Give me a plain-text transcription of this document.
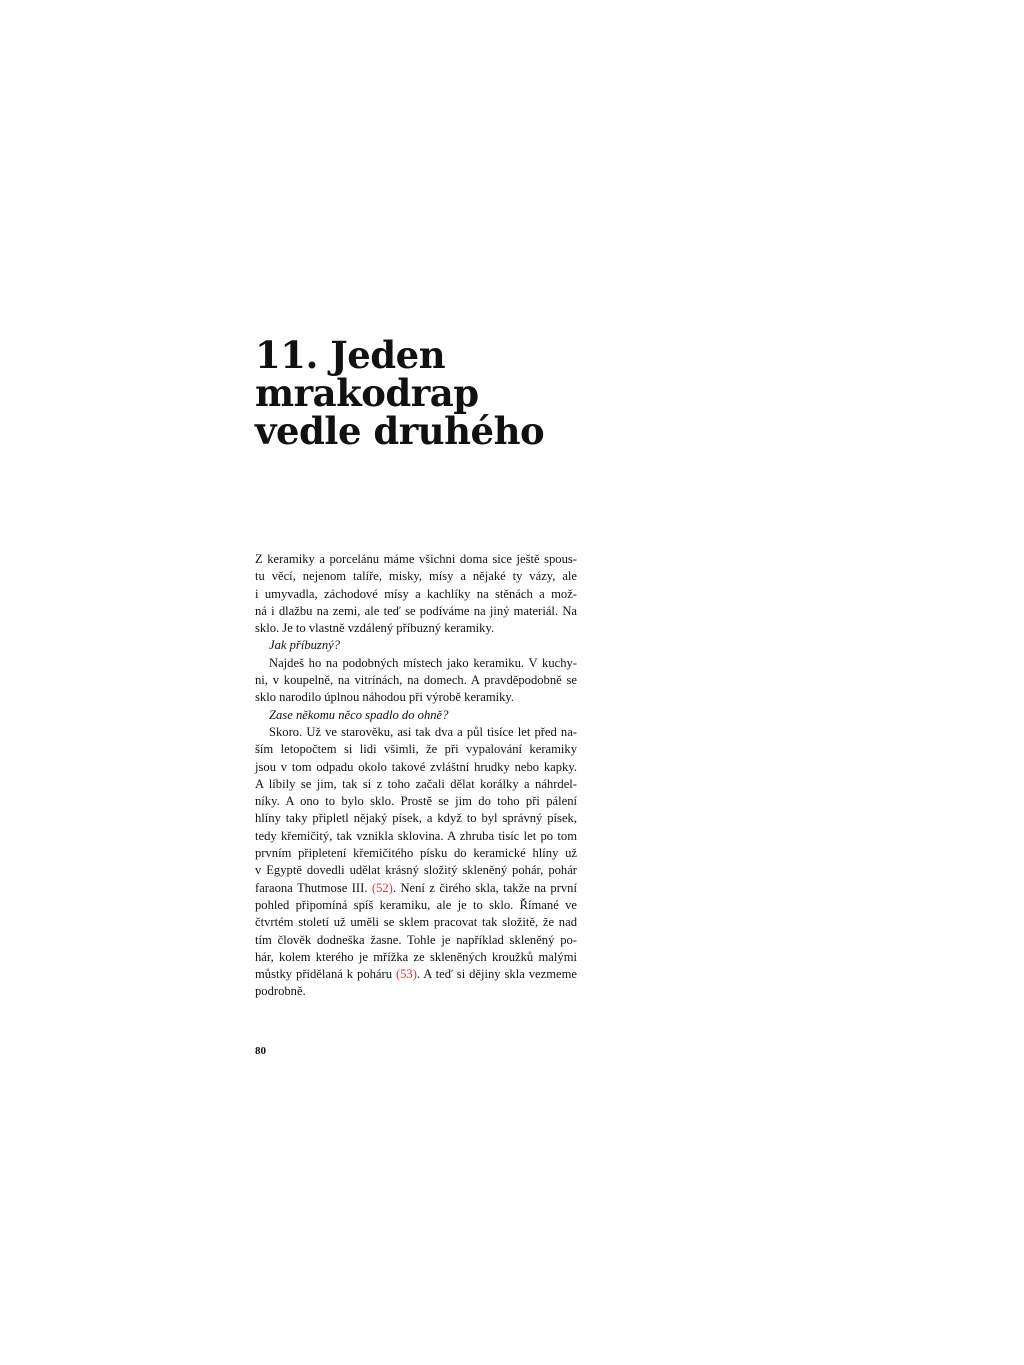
11. Jeden
mrakodrap
vedle druhého
Z keramiky a porcelánu máme všichni doma sice ještě spous-
tu věcí, nejenom talíře, misky, mísy a nějaké ty vázy, ale
i umyvadla, záchodové mísy a kachlíky na stěnách a mož-
ná i dlažbu na zemi, ale teď se podíváme na jiný materiál. Na
sklo. Je to vlastně vzdálený příbuzný keramiky.
Jak příbuzný?
Najdeš ho na podobných místech jako keramiku. V kuchy-
ni, v koupelně, na vitrínách, na domech. A pravděpodobně se
sklo narodilo úplnou náhodou při výrobě keramiky.
Zase někomu něco spadlo do ohně?
Skoro. Už ve starověku, asi tak dva a půl tisíce let před na-
ším letopočtem si lidi všimli, že při vypalování keramiky
jsou v tom odpadu okolo takové zvláštní hrudky nebo kapky.
A líbily se jim, tak si z toho začali dělat korálky a náhrdel-
níky. A ono to bylo sklo. Prostě se jim do toho při pálení
hlíny taky připletl nějaký písek, a když to byl správný písek,
tedy křemičitý, tak vznikla sklovina. A zhruba tisíc let po tom
prvním připletení křemičitého písku do keramické hlíny už
v Egyptě dovedli udělat krásný složitý skleněný pohár, pohár
faraona Thutmose III. (52). Není z čirého skla, takže na první
pohled připomíná spíš keramiku, ale je to sklo. Římané ve
čtvrtém století už uměli se sklem pracovat tak složitě, že nad
tím člověk dodneška žasne. Tohle je například skleněný po-
hár, kolem kterého je mřížka ze skleněných kroužků malými
můstky přidělaná k poháru (53). A teď si dějiny skla vezmeme
podrobně.
80
